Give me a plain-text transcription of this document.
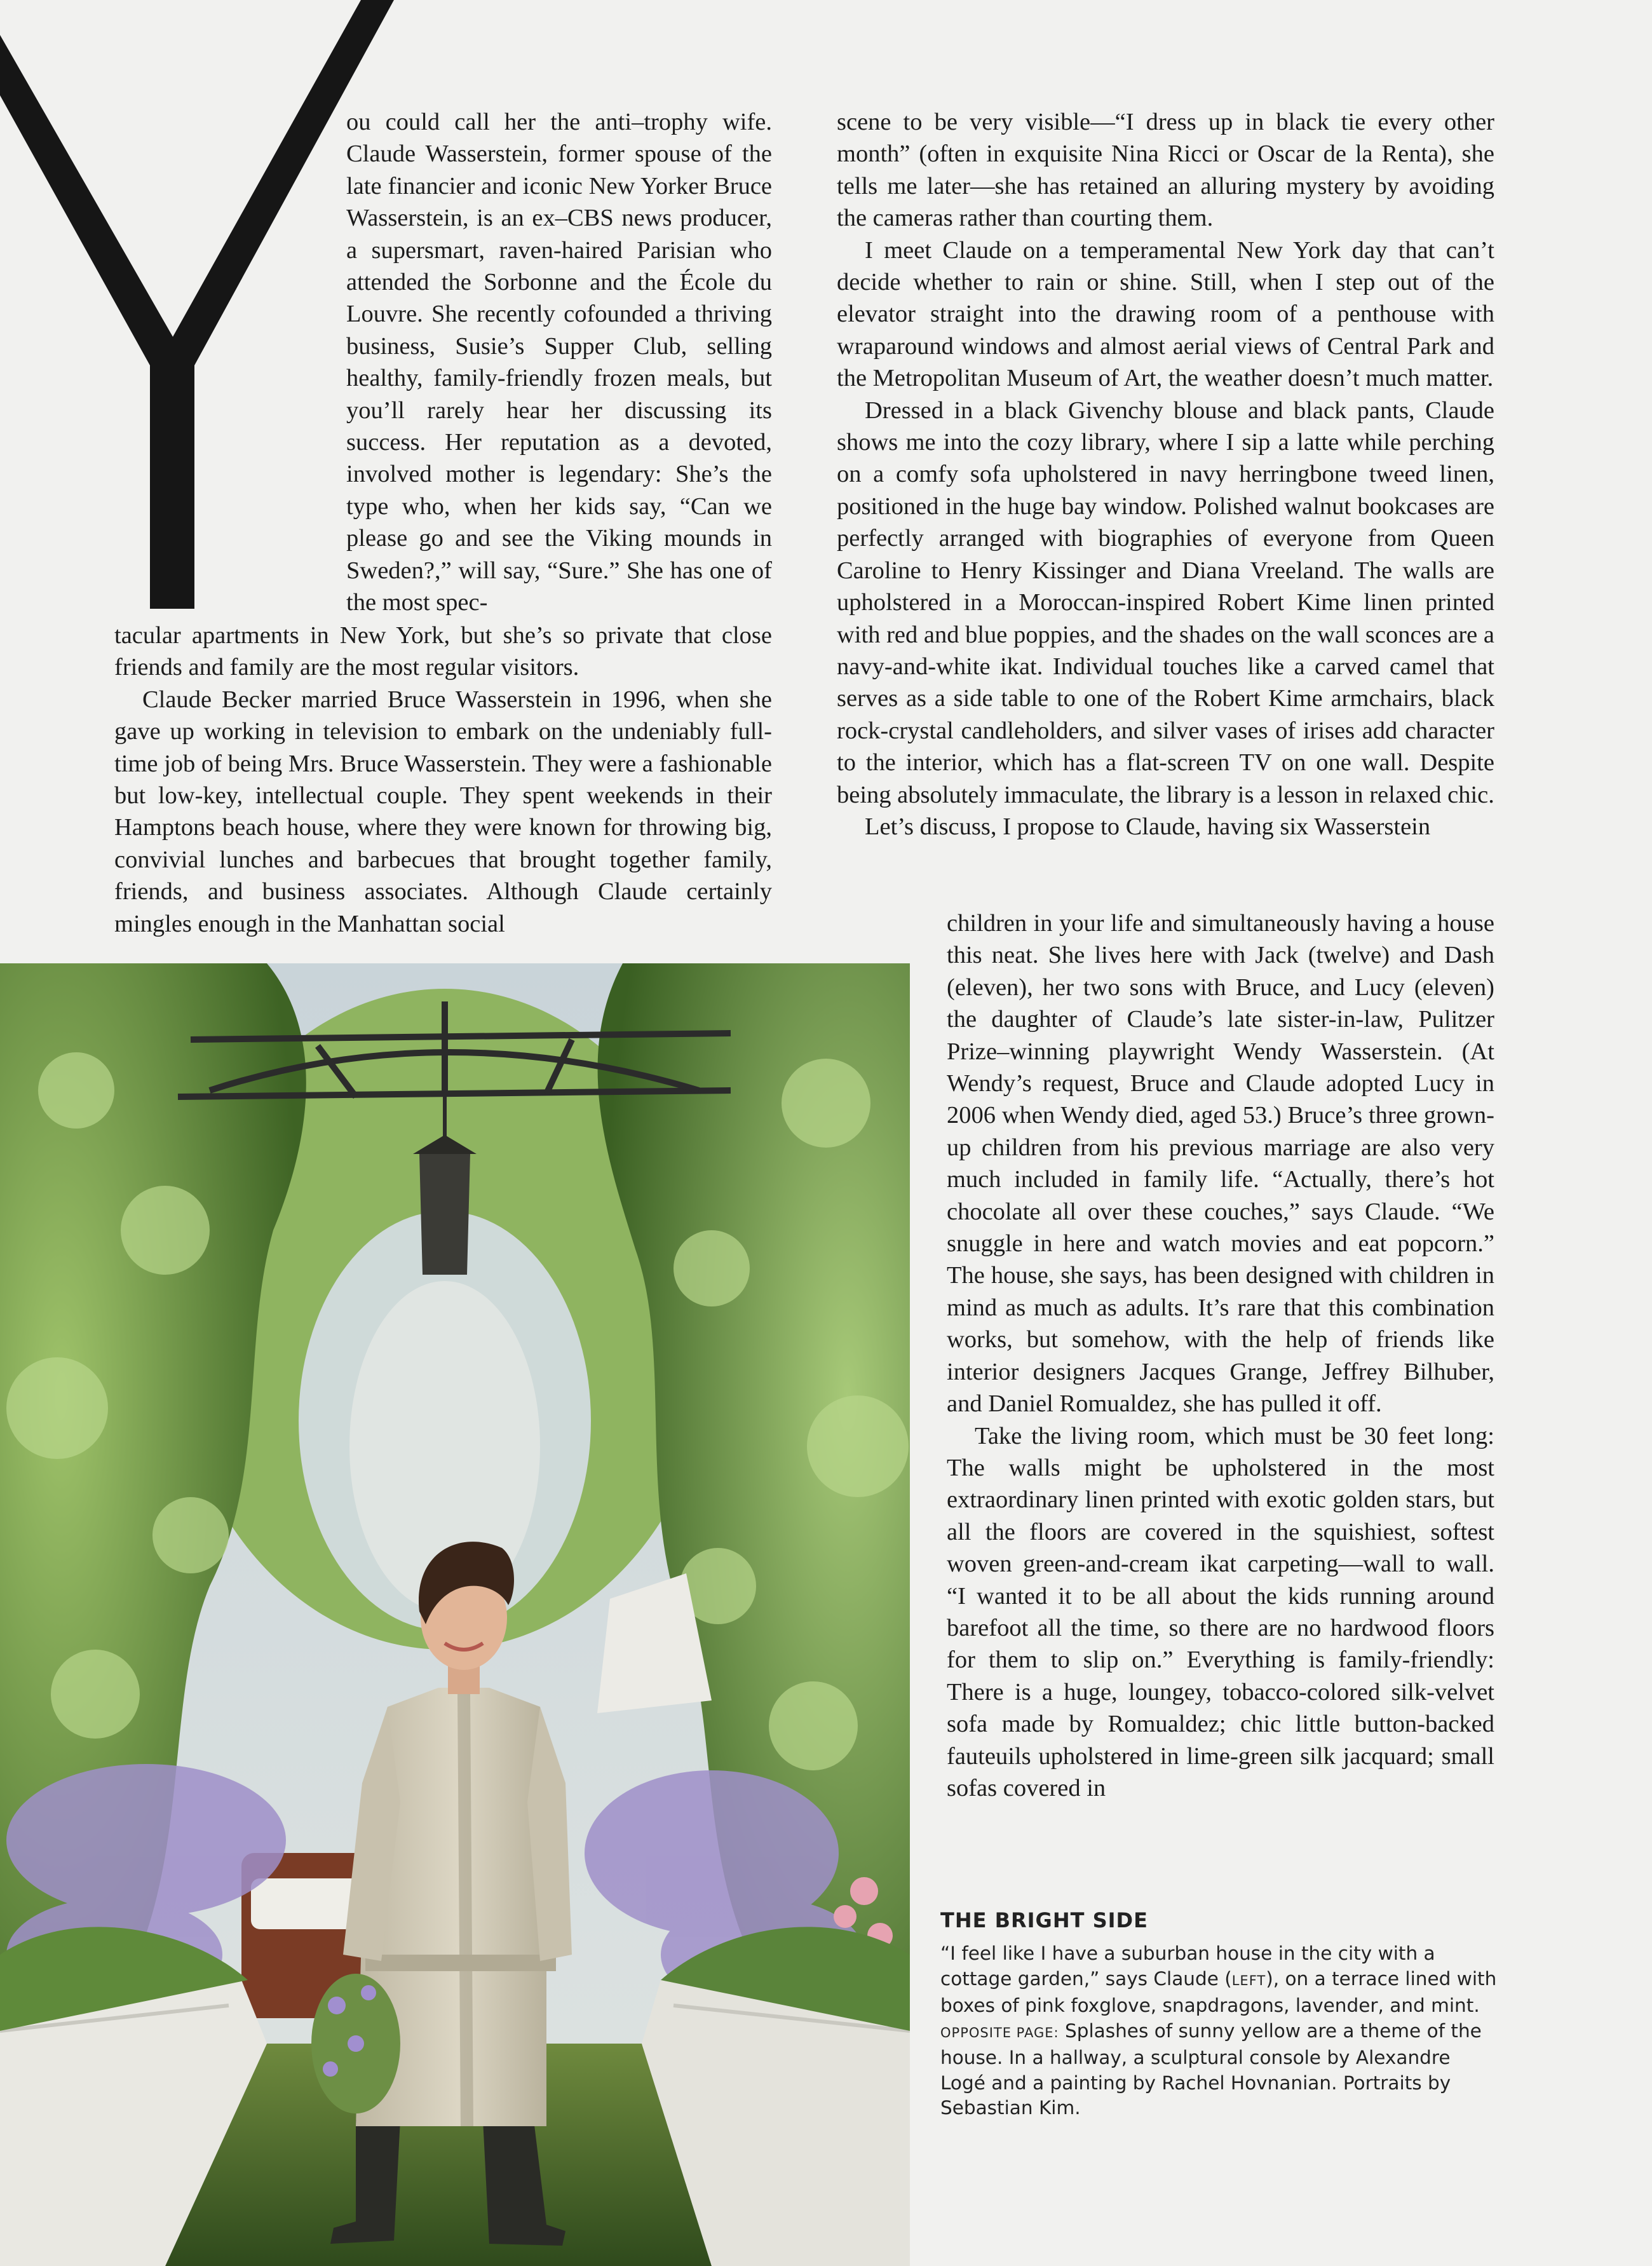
ou could call her the anti–trophy wife. Claude Wasserstein, former spouse of the late financier and iconic New Yorker Bruce Wasserstein, is an ex–CBS news producer, a supersmart, raven-haired Parisian who attended the Sorbonne and the École du Louvre. She recently cofounded a thriving business, Susie’s Supper Club, selling healthy, family-friendly frozen meals, but you’ll rarely hear her discussing its success. Her reputation as a devoted, involved mother is legendary: She’s the type who, when her kids say, “Can we please go and see the Viking mounds in Sweden?,” will say, “Sure.” She has one of the most spec-

tacular apartments in New York, but she’s so private that close friends and family are the most regular visitors.

Claude Becker married Bruce Wasserstein in 1996, when she gave up working in television to embark on the undeniably full-time job of being Mrs. Bruce Wasserstein. They were a fashionable but low-key, intellectual couple. They spent weekends in their Hamptons beach house, where they were known for throwing big, convivial lunches and barbecues that brought together family, friends, and business associates. Although Claude certainly mingles enough in the Manhattan social

scene to be very visible—“I dress up in black tie every other month” (often in exquisite Nina Ricci or Oscar de la Renta), she tells me later—she has retained an alluring mystery by avoiding the cameras rather than courting them.

I meet Claude on a temperamental New York day that can’t decide whether to rain or shine. Still, when I step out of the elevator straight into the drawing room of a penthouse with wraparound windows and almost aerial views of Central Park and the Metropolitan Museum of Art, the weather doesn’t much matter.

Dressed in a black Givenchy blouse and black pants, Claude shows me into the cozy library, where I sip a latte while perching on a comfy sofa upholstered in navy herringbone tweed linen, positioned in the huge bay window. Polished walnut bookcases are perfectly arranged with biographies of everyone from Queen Caroline to Henry Kissinger and Diana Vreeland. The walls are upholstered in a Moroccan-inspired Robert Kime linen printed with red and blue poppies, and the shades on the wall sconces are a navy-and-white ikat. Individual touches like a carved camel that serves as a side table to one of the Robert Kime armchairs, black rock-crystal candleholders, and silver vases of irises add character to the interior, which has a flat-screen TV on one wall. Despite being absolutely immaculate, the library is a lesson in relaxed chic.

Let’s discuss, I propose to Claude, having six Wasserstein

children in your life and simultaneously having a house this neat. She lives here with Jack (twelve) and Dash (eleven), her two sons with Bruce, and Lucy (eleven) the daughter of Claude’s late sister-in-law, Pulitzer Prize–winning playwright Wendy Wasserstein. (At Wendy’s request, Bruce and Claude adopted Lucy in 2006 when Wendy died, aged 53.) Bruce’s three grown-up children from his previous marriage are also very much included in family life. “Actually, there’s hot chocolate all over these couches,” says Claude. “We snuggle in here and watch movies and eat popcorn.” The house, she says, has been designed with children in mind as much as adults. It’s rare that this combination works, but somehow, with the help of friends like interior designers Jacques Grange, Jeffrey Bilhuber, and Daniel Romualdez, she has pulled it off.

Take the living room, which must be 30 feet long: The walls might be upholstered in the most extraordinary linen printed with exotic golden stars, but all the floors are covered in the squishiest, softest woven green-and-cream ikat carpeting—wall to wall. “I wanted it to be all about the kids running around barefoot all the time, so there are no hardwood floors for them to slip on.” Everything is family-friendly: There is a huge, loungey, tobacco-colored silk-velvet sofa made by Romualdez; chic little button-backed fauteuils upholstered in lime-green silk jacquard; small sofas covered in

THE BRIGHT SIDE

“I feel like I have a suburban house in the city with a cottage garden,” says Claude (LEFT), on a terrace lined with boxes of pink foxglove, snapdragons, lavender, and mint. OPPOSITE PAGE: Splashes of sunny yellow are a theme of the house. In a hallway, a sculptural console by Alexandre Logé and a painting by Rachel Hovnanian. Portraits by Sebastian Kim.
